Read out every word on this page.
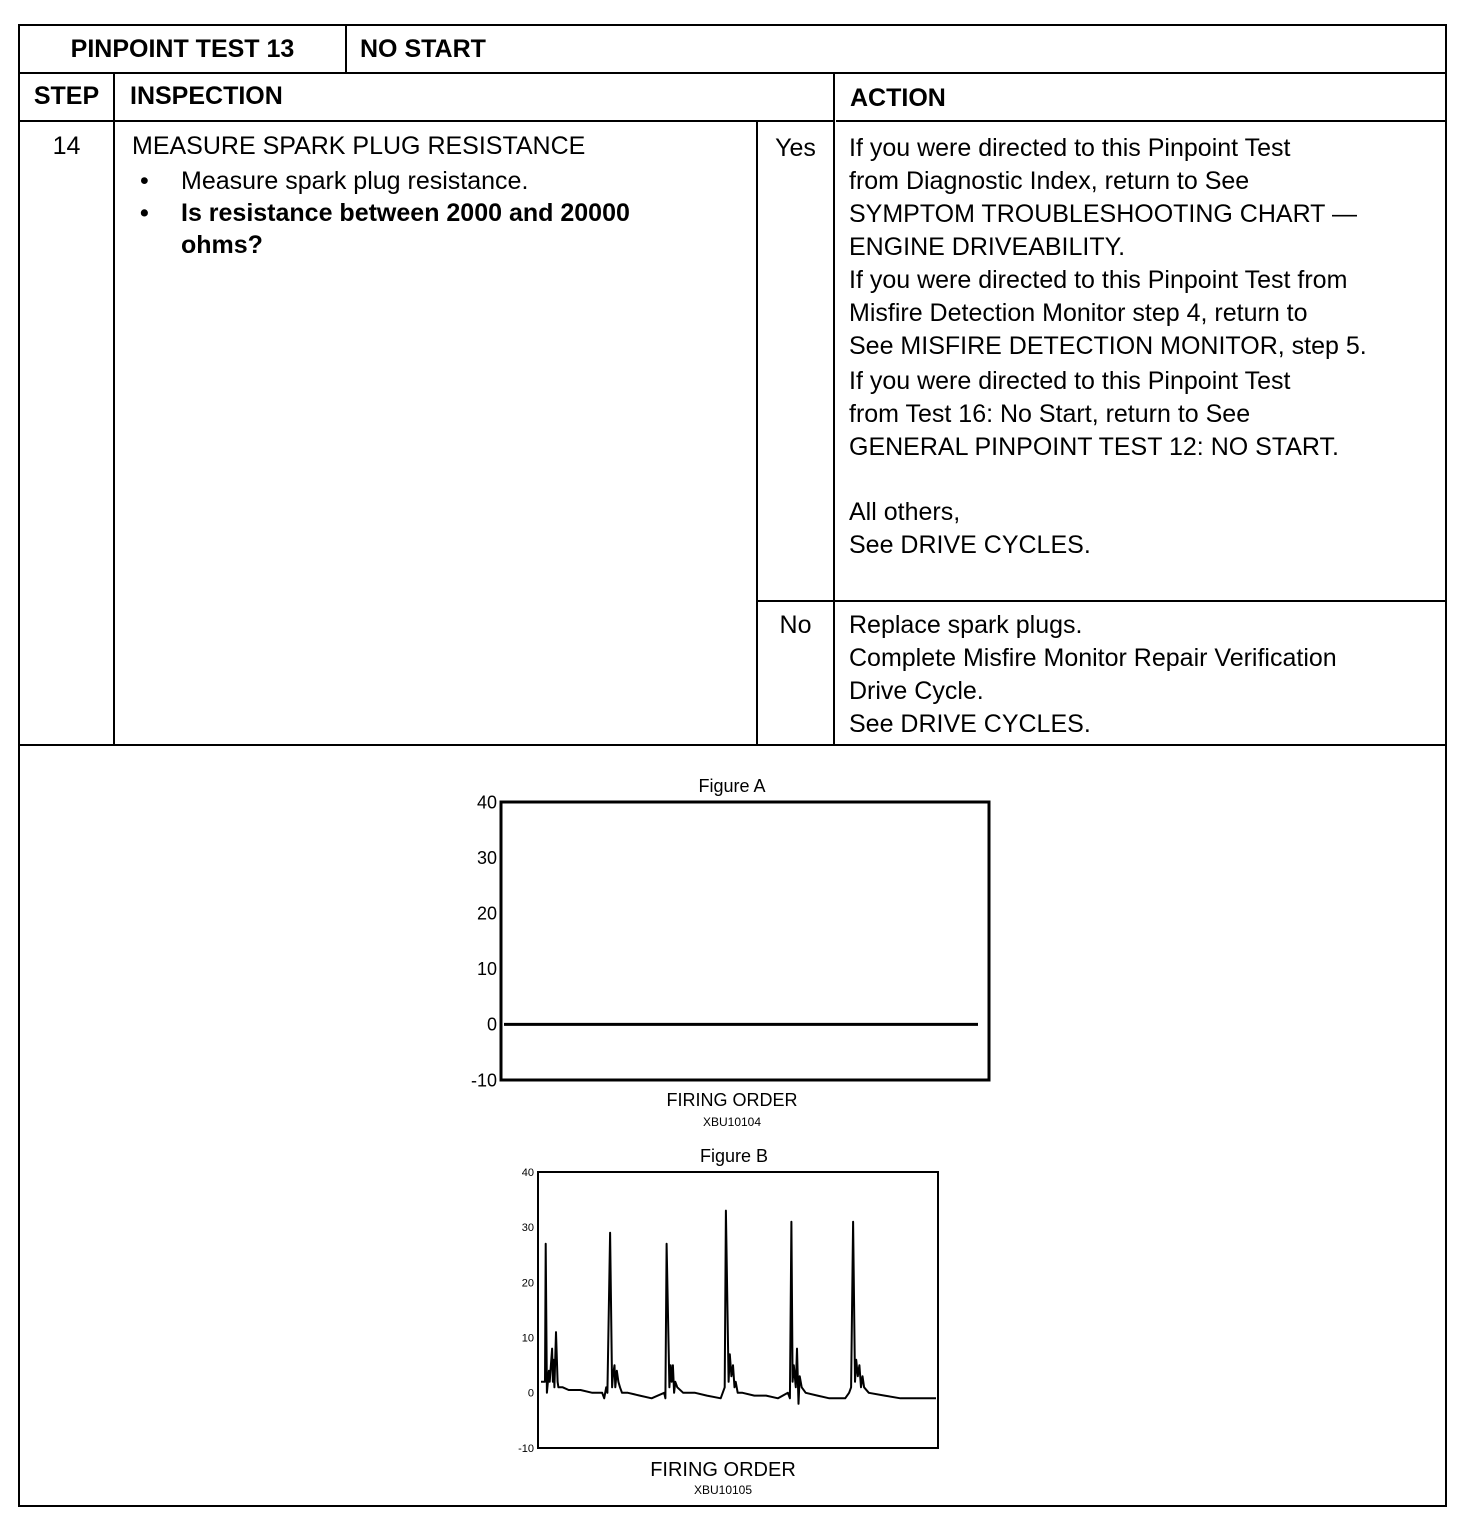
PINPOINT TEST 13	NO START
STEP	INSPECTION	ACTION
14	MEASURE SPARK PLUG RESISTANCE
• Measure spark plug resistance.
• Is resistance between 2000 and 20000
ohms?
Yes	If you were directed to this Pinpoint Test
from Diagnostic Index, return to See
SYMPTOM TROUBLESHOOTING CHART —
ENGINE DRIVEABILITY.
If you were directed to this Pinpoint Test from
Misfire Detection Monitor step 4, return to
See MISFIRE DETECTION MONITOR, step 5.
If you were directed to this Pinpoint Test
from Test 16: No Start, return to See
GENERAL PINPOINT TEST 12: NO START.
All others,
See DRIVE CYCLES.
No	Replace spark plugs.
Complete Misfire Monitor Repair Verification
Drive Cycle.
See DRIVE CYCLES.
Figure A
40
30
20
10
0
-10
FIRING ORDER
XBU10104
Figure B
40
30
20
10
0
-10
FIRING ORDER
XBU10105
